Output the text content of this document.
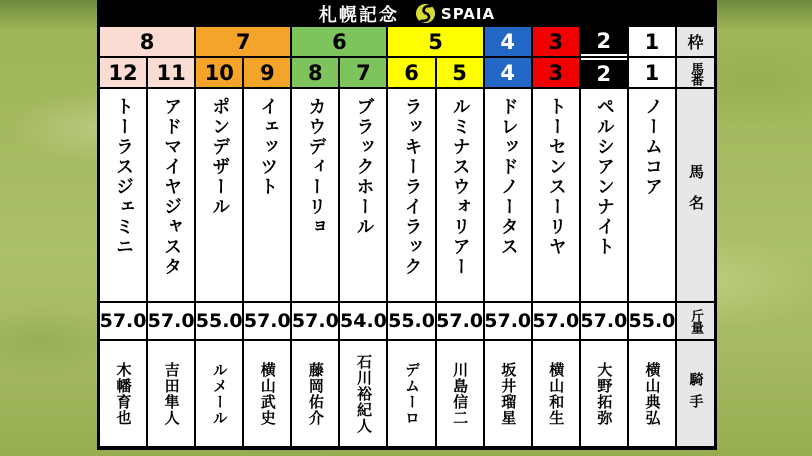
札幌記念	SPAIA
8	7	6	5	4	3	2	1	枠
12 11 10	9	8	7	6	5	4	3	2	1	馬番
トーラスジェミニ アドマイヤジャスタ ポンデザール イェッツト カウディーリョ ブラックホール ラッキーライラック ルミナスウォリアー ドレッドノータス トーセンスーリヤ ペルシアンナイト ノームコア 馬名
57.0 57.0 55.0 57.0 57.0 54.0 55.0 57.0 57.0 57.0 57.0 55.0 斤量
木幡育也 吉田隼人 ルメール 横山武史 藤岡佑介 石川裕紀人 デムーロ 川島信二 坂井瑠星 横山和生 大野拓弥 横山典弘 騎手
